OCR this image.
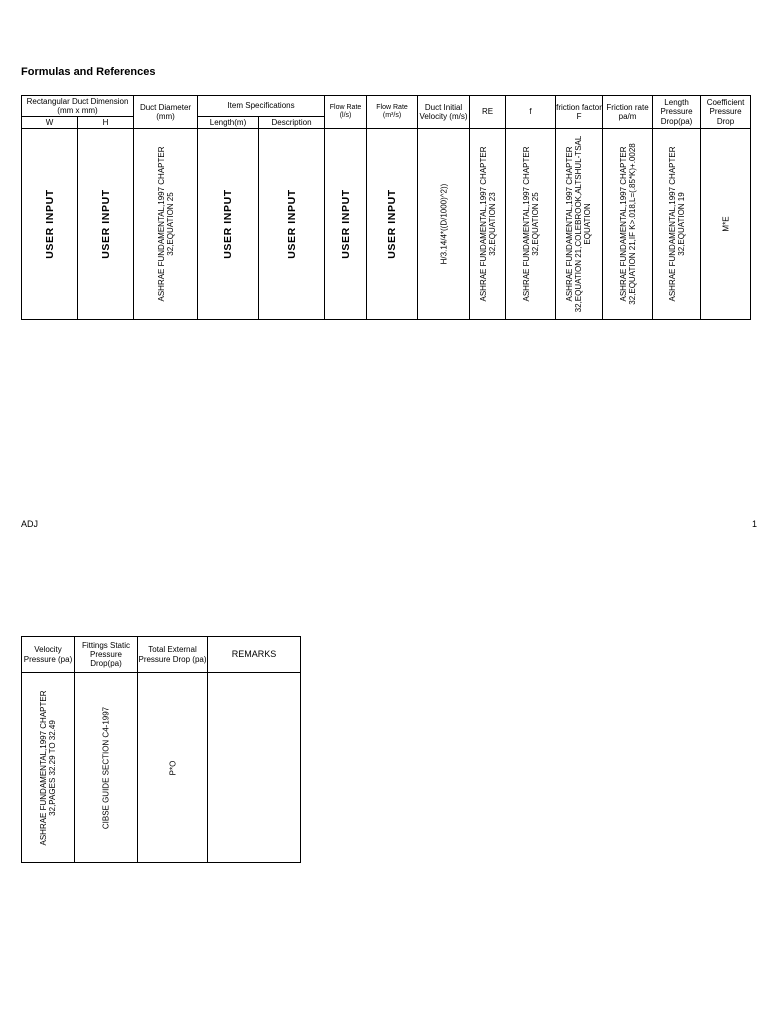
Formulas and References
Rectangular Duct Dimension (mm x mm)		Duct Diameter (mm)	Item Specifications		Flow Rate (l/s)	Flow Rate (m³/s)	Duct Initial Velocity (m/s)	RE	f	friction factor F	Friction rate pa/m	Length Pressure Drop(pa)	Coefficient Pressure Drop
W	H		Length(m)	Description									

USER INPUT	USER INPUT	ASHRAE FUNDAMENTAL,1997 CHAPTER 32,EQUATION 25	USER INPUT	USER INPUT	USER INPUT	USER INPUT	H/3.14/4*((D/1000)^2))	ASHRAE FUNDAMENTAL,1997 CHAPTER 32,EQUATION 23	ASHRAE FUNDAMENTAL,1997 CHAPTER 32,EQUATION 25	ASHRAE FUNDAMENTAL,1997 CHAPTER 32,EQUATION 21,COLEBROOK,ALTSHUL-TSAL EQUATION	ASHRAE FUNDAMENTAL,1997 CHAPTER 32,EQUATION 21,IF K>.018,L=(.85*K)+.0028	ASHRAE FUNDAMENTAL,1997 CHAPTER 32,EQUATION 19	M*E
ADJ	1
Velocity Pressure (pa)	Fittings Static Pressure Drop(pa)	Total External Pressure Drop (pa)	REMARKS

ASHRAE FUNDAMENTAL,1997 CHAPTER 32,PAGES 32.29 TO 32.49	CIBSE GUIDE SECTION C4-1997	P*O	
